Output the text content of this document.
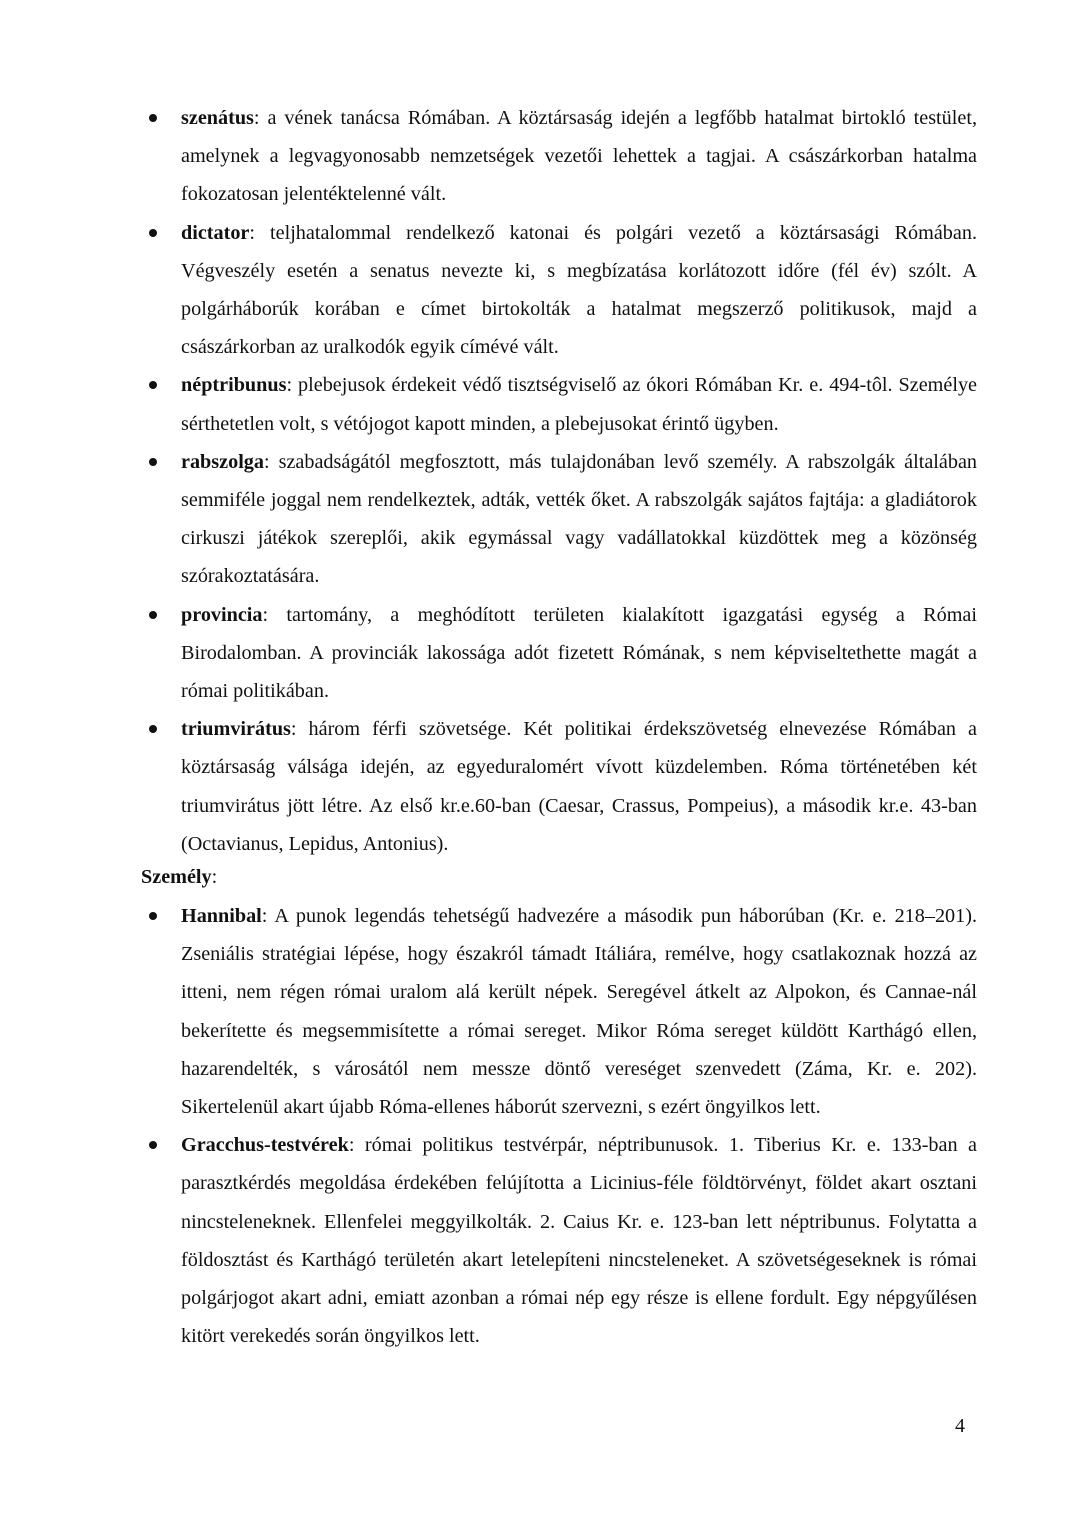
szenátus: a vének tanácsa Rómában. A köztársaság idején a legfőbb hatalmat birtokló testület, amelynek a legvagyonosabb nemzetségek vezetői lehettek a tagjai. A császárkorban hatalma fokozatosan jelentéktelenné vált.
dictator: teljhatalommal rendelkező katonai és polgári vezető a köztársasági Rómában. Végveszély esetén a senatus nevezte ki, s megbízatása korlátozott időre (fél év) szólt. A polgárháborúk korában e címet birtokolták a hatalmat megszerző politikusok, majd a császárkorban az uralkodók egyik címévé vált.
néptribunus: plebejusok érdekeit védő tisztségviselő az ókori Rómában Kr. e. 494-tôl. Személye sérthetetlen volt, s vétójogot kapott minden, a plebejusokat érintő ügyben.
rabszolga: szabadságától megfosztott, más tulajdonában levő személy. A rabszolgák általában semmiféle joggal nem rendelkeztek, adták, vették őket. A rabszolgák sajátos fajtája: a gladiátorok cirkuszi játékok szereplői, akik egymással vagy vadállatokkal küzdöttek meg a közönség szórakoztatására.
provincia: tartomány, a meghódított területen kialakított igazgatási egység a Római Birodalomban. A provinciák lakossága adót fizetett Rómának, s nem képviseltethette magát a római politikában.
triumvirátus: három férfi szövetsége. Két politikai érdekszövetség elnevezése Rómában a köztársaság válsága idején, az egyeduralomért vívott küzdelemben. Róma történetében két triumvirátus jött létre. Az első kr.e.60-ban (Caesar, Crassus, Pompeius), a második kr.e. 43-ban (Octavianus, Lepidus, Antonius).

Személy:

Hannibal: A punok legendás tehetségű hadvezére a második pun háborúban (Kr. e. 218–201). Zseniális stratégiai lépése, hogy északról támadt Itáliára, remélve, hogy csatlakoznak hozzá az itteni, nem régen római uralom alá került népek. Seregével átkelt az Alpokon, és Cannae-nál bekerítette és megsemmisítette a római sereget. Mikor Róma sereget küldött Karthágó ellen, hazarendelték, s városától nem messze döntő vereséget szenvedett (Záma, Kr. e. 202). Sikertelenül akart újabb Róma-ellenes háborút szervezni, s ezért öngyilkos lett.
Gracchus-testvérek: római politikus testvérpár, néptribunusok. 1. Tiberius Kr. e. 133-ban a parasztkérdés megoldása érdekében felújította a Licinius-féle földtörvényt, földet akart osztani nincsteleneknek. Ellenfelei meggyilkolták. 2. Caius Kr. e. 123-ban lett néptribunus. Folytatta a földosztást és Karthágó területén akart letelepíteni nincsteleneket. A szövetségeseknek is római polgárjogot akart adni, emiatt azonban a római nép egy része is ellene fordult. Egy népgyűlésen kitört verekedés során öngyilkos lett.
4
